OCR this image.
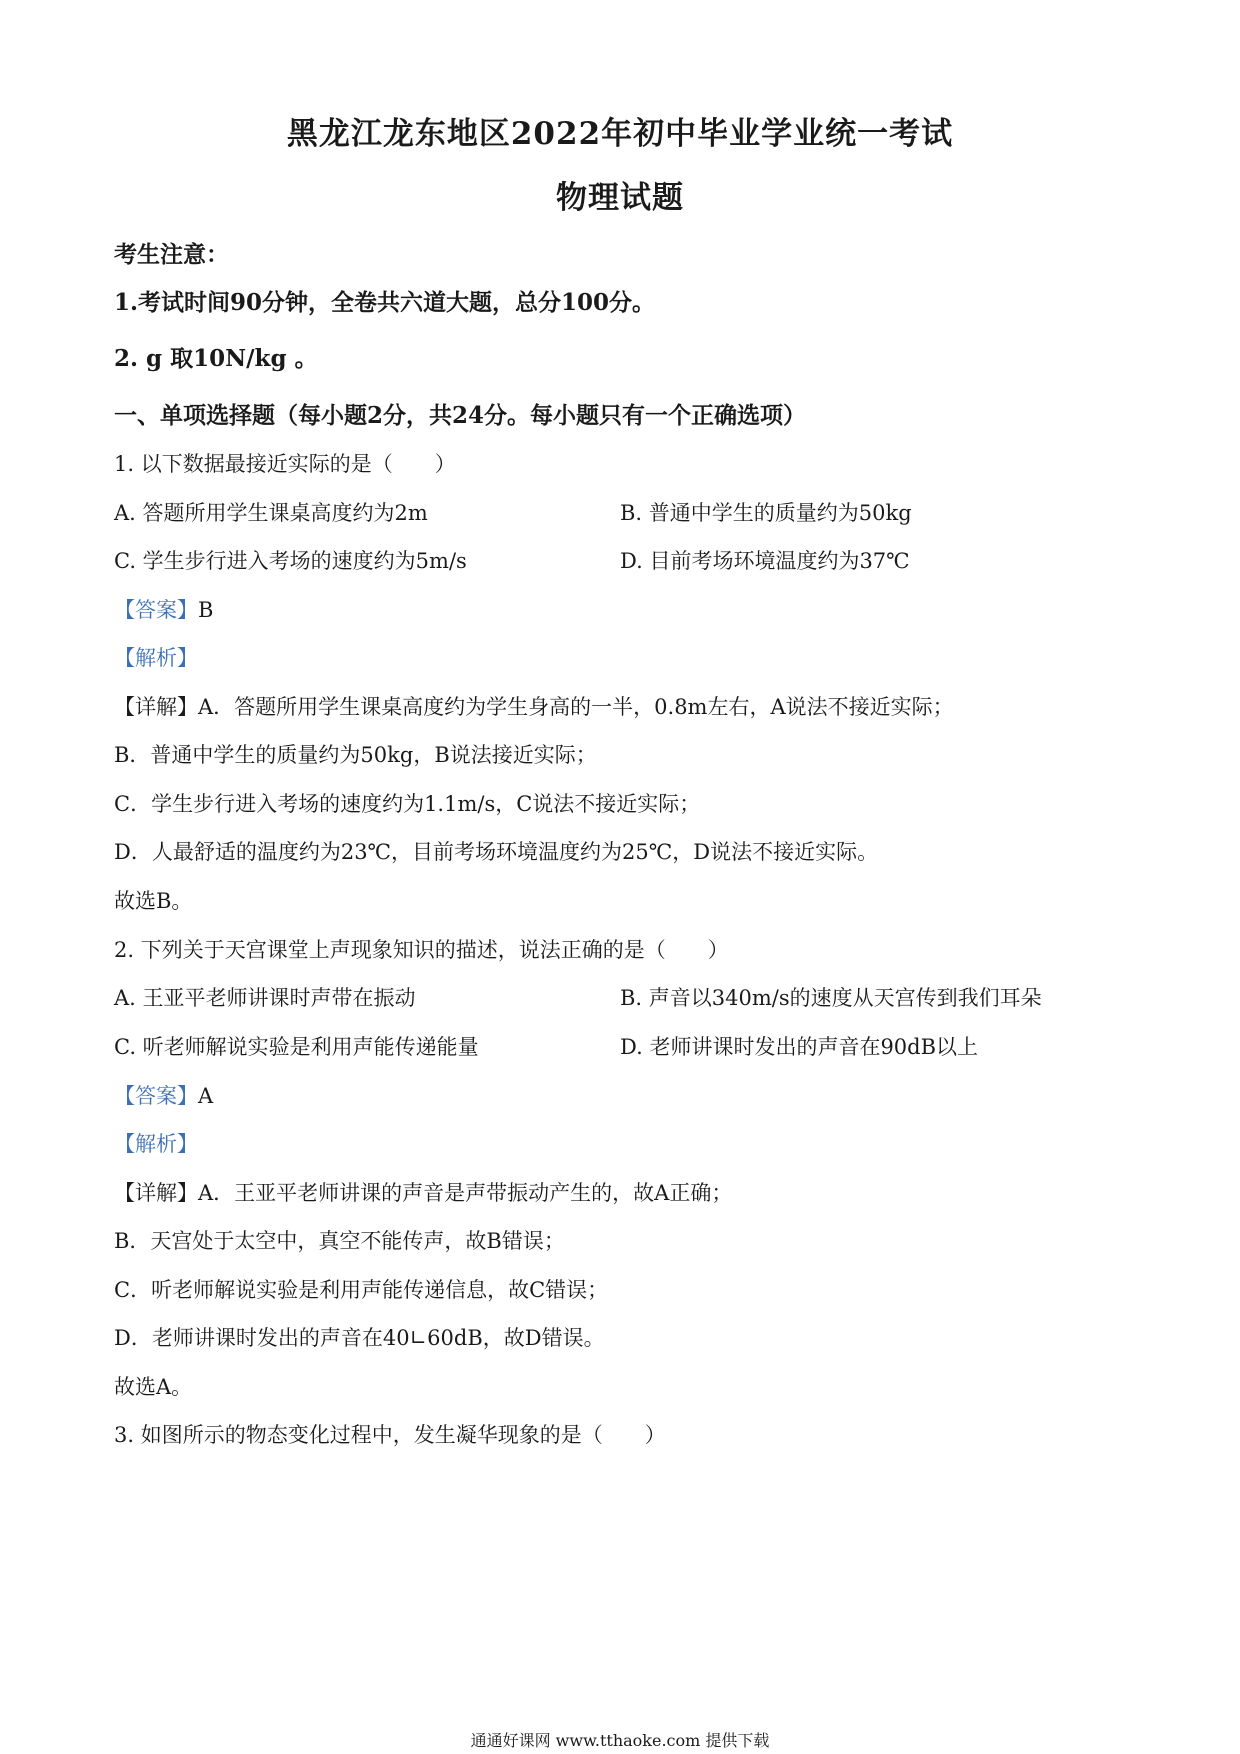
黑龙江龙东地区2022年初中毕业学业统一考试
物理试题
考生注意：
1.考试时间90分钟，全卷共六道大题，总分100分。
2. g 取10N/kg 。
一、单项选择题（每小题2分，共24分。每小题只有一个正确选项）
1. 以下数据最接近实际的是（　　）
A. 答题所用学生课桌高度约为2m	B. 普通中学生的质量约为50kg
C. 学生步行进入考场的速度约为5m/s	D. 目前考场环境温度约为37℃
【答案】B
【解析】
【详解】A．答题所用学生课桌高度约为学生身高的一半，0.8m左右，A说法不接近实际；
B．普通中学生的质量约为50kg，B说法接近实际；
C．学生步行进入考场的速度约为1.1m/s，C说法不接近实际；
D．人最舒适的温度约为23℃，目前考场环境温度约为25℃，D说法不接近实际。
故选B。
2. 下列关于天宫课堂上声现象知识的描述，说法正确的是（　　）
A. 王亚平老师讲课时声带在振动	B. 声音以340m/s的速度从天宫传到我们耳朵
C. 听老师解说实验是利用声能传递能量	D. 老师讲课时发出的声音在90dB以上
【答案】A
【解析】
【详解】A．王亚平老师讲课的声音是声带振动产生的，故A正确；
B．天宫处于太空中，真空不能传声，故B错误；
C．听老师解说实验是利用声能传递信息，故C错误；
D．老师讲课时发出的声音在40∟60dB，故D错误。
故选A。
3. 如图所示的物态变化过程中，发生凝华现象的是（　　）
通通好课网 www.tthaoke.com 提供下载
